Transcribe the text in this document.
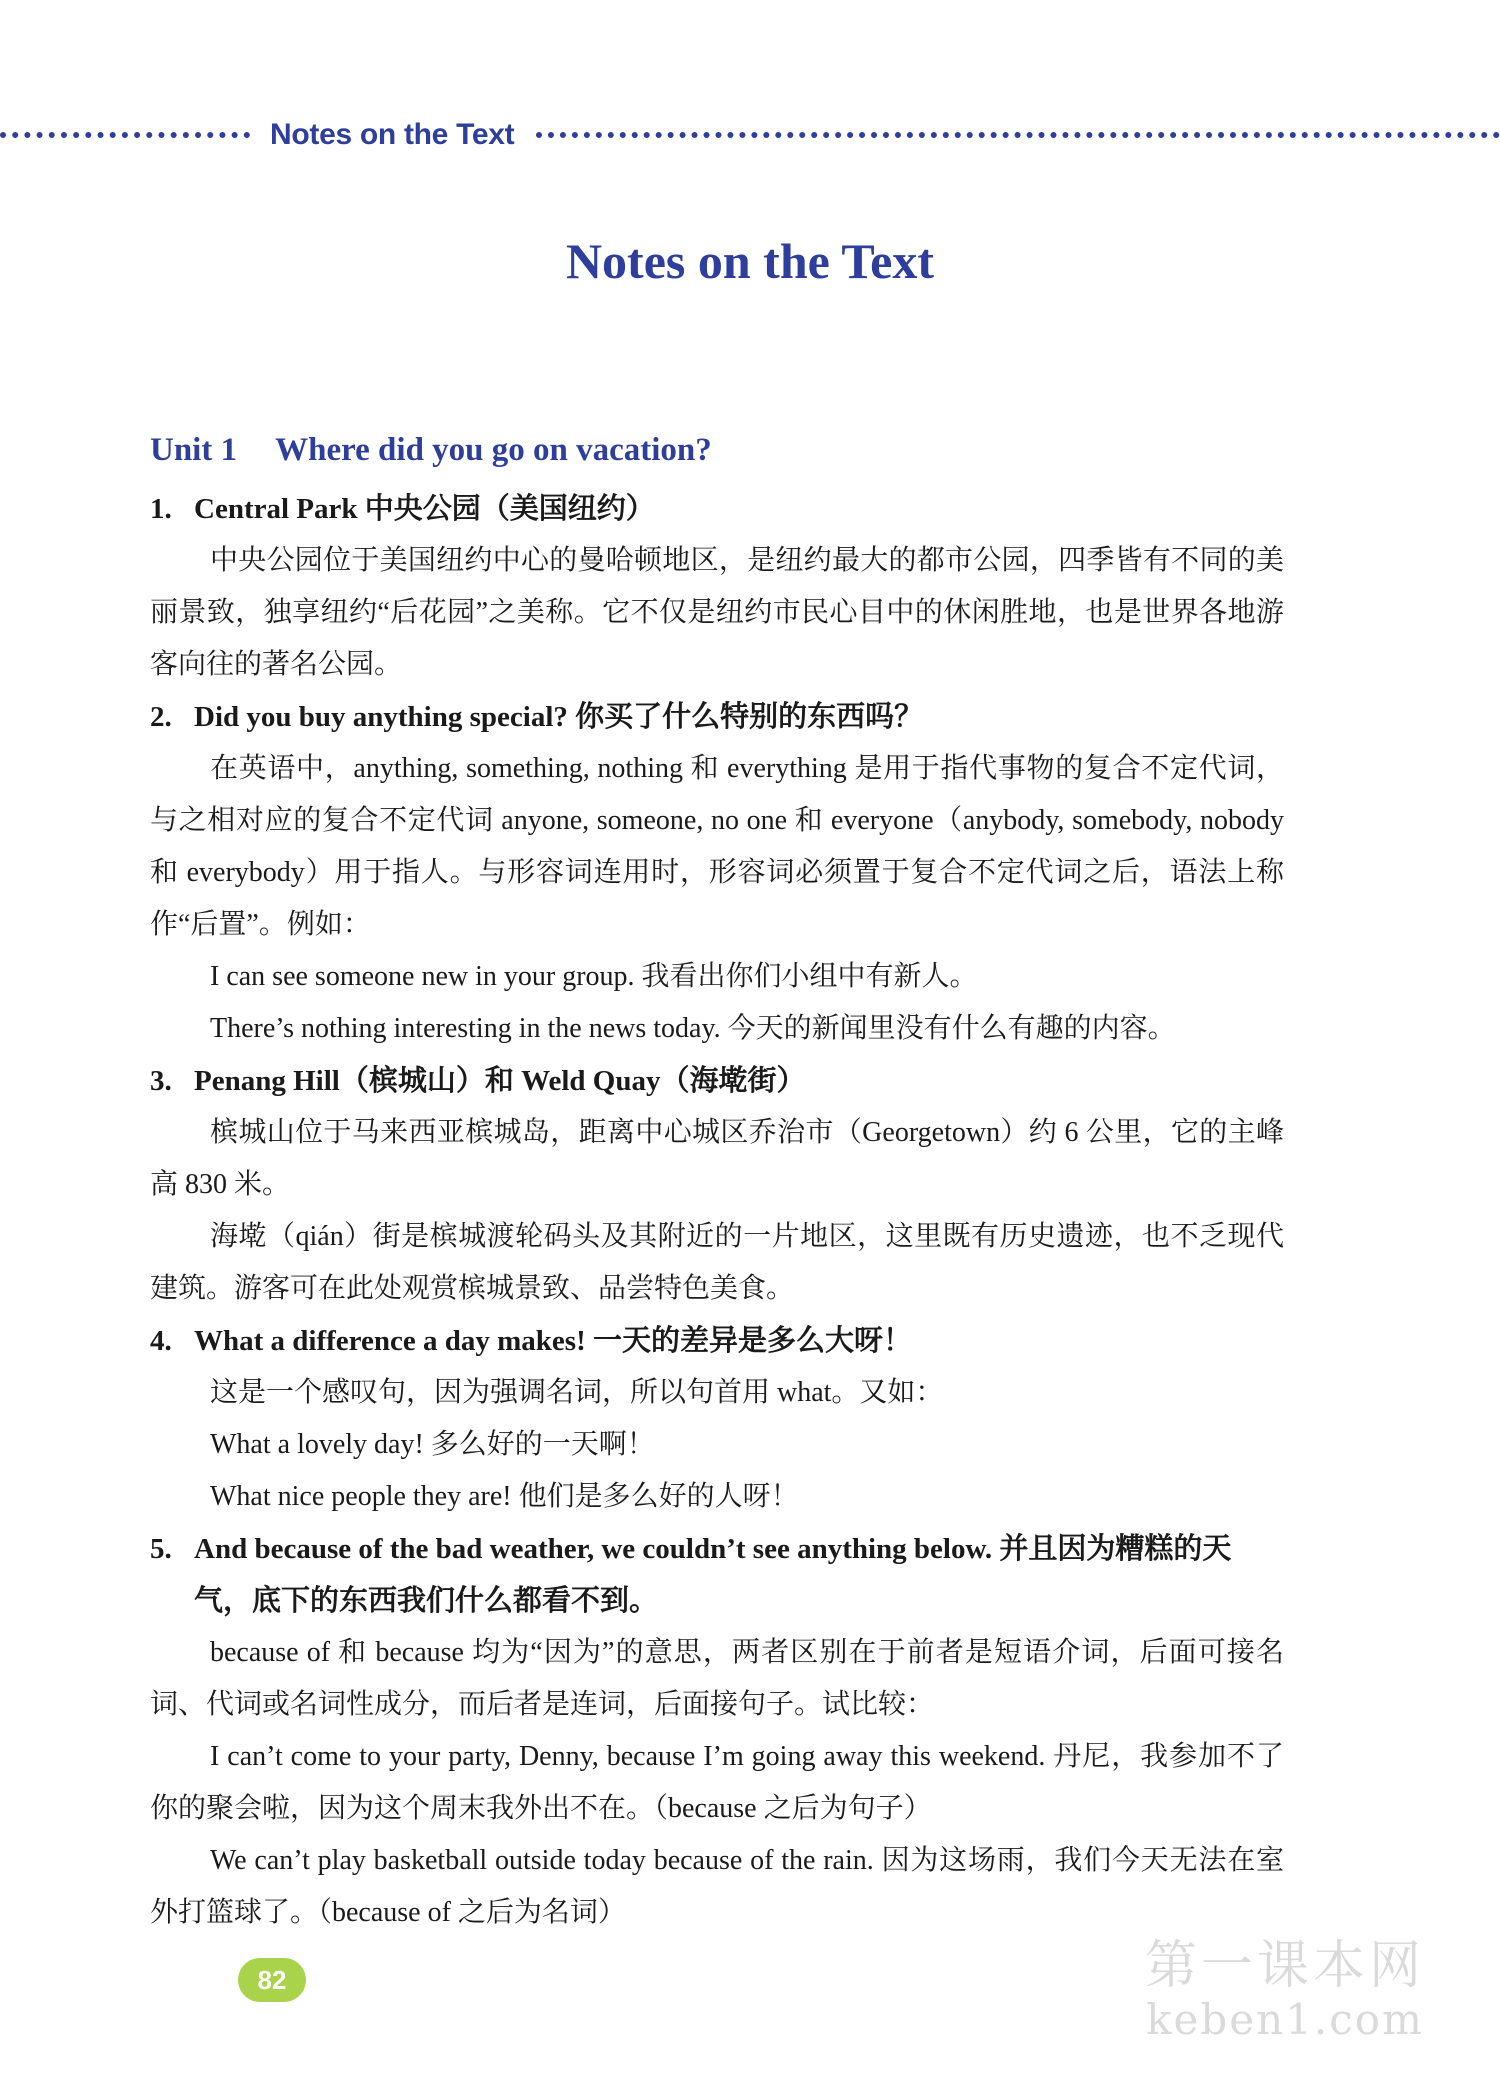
Notes on the Text
Notes on the Text
Unit 1 Where did you go on vacation?

1. Central Park 中央公园（美国纽约）

中央公园位于美国纽约中心的曼哈顿地区，是纽约最大的都市公园，四季皆有不同的美丽景致，独享纽约“后花园”之美称。它不仅是纽约市民心目中的休闲胜地，也是世界各地游客向往的著名公园。

2. Did you buy anything special? 你买了什么特别的东西吗？

在英语中，anything, something, nothing 和 everything 是用于指代事物的复合不定代词，与之相对应的复合不定代词 anyone, someone, no one 和 everyone（anybody, somebody, nobody 和 everybody）用于指人。与形容词连用时，形容词必须置于复合不定代词之后，语法上称作“后置”。例如：

I can see someone new in your group. 我看出你们小组中有新人。

There’s nothing interesting in the news today. 今天的新闻里没有什么有趣的内容。

3. Penang Hill（槟城山）和 Weld Quay（海墘街）

槟城山位于马来西亚槟城岛，距离中心城区乔治市（Georgetown）约 6 公里，它的主峰高 830 米。

海墘（qián）街是槟城渡轮码头及其附近的一片地区，这里既有历史遗迹，也不乏现代建筑。游客可在此处观赏槟城景致、品尝特色美食。

4. What a difference a day makes! 一天的差异是多么大呀！

这是一个感叹句，因为强调名词，所以句首用 what。又如：

What a lovely day! 多么好的一天啊！

What nice people they are! 他们是多么好的人呀！

5. And because of the bad weather, we couldn’t see anything below. 并且因为糟糕的天气，底下的东西我们什么都看不到。

because of 和 because 均为“因为”的意思，两者区别在于前者是短语介词，后面可接名词、代词或名词性成分，而后者是连词，后面接句子。试比较：

I can’t come to your party, Denny, because I’m going away this weekend. 丹尼，我参加不了你的聚会啦，因为这个周末我外出不在。（because 之后为句子）

We can’t play basketball outside today because of the rain. 因为这场雨，我们今天无法在室外打篮球了。（because of 之后为名词）

82	第一课本网
keben1.com
